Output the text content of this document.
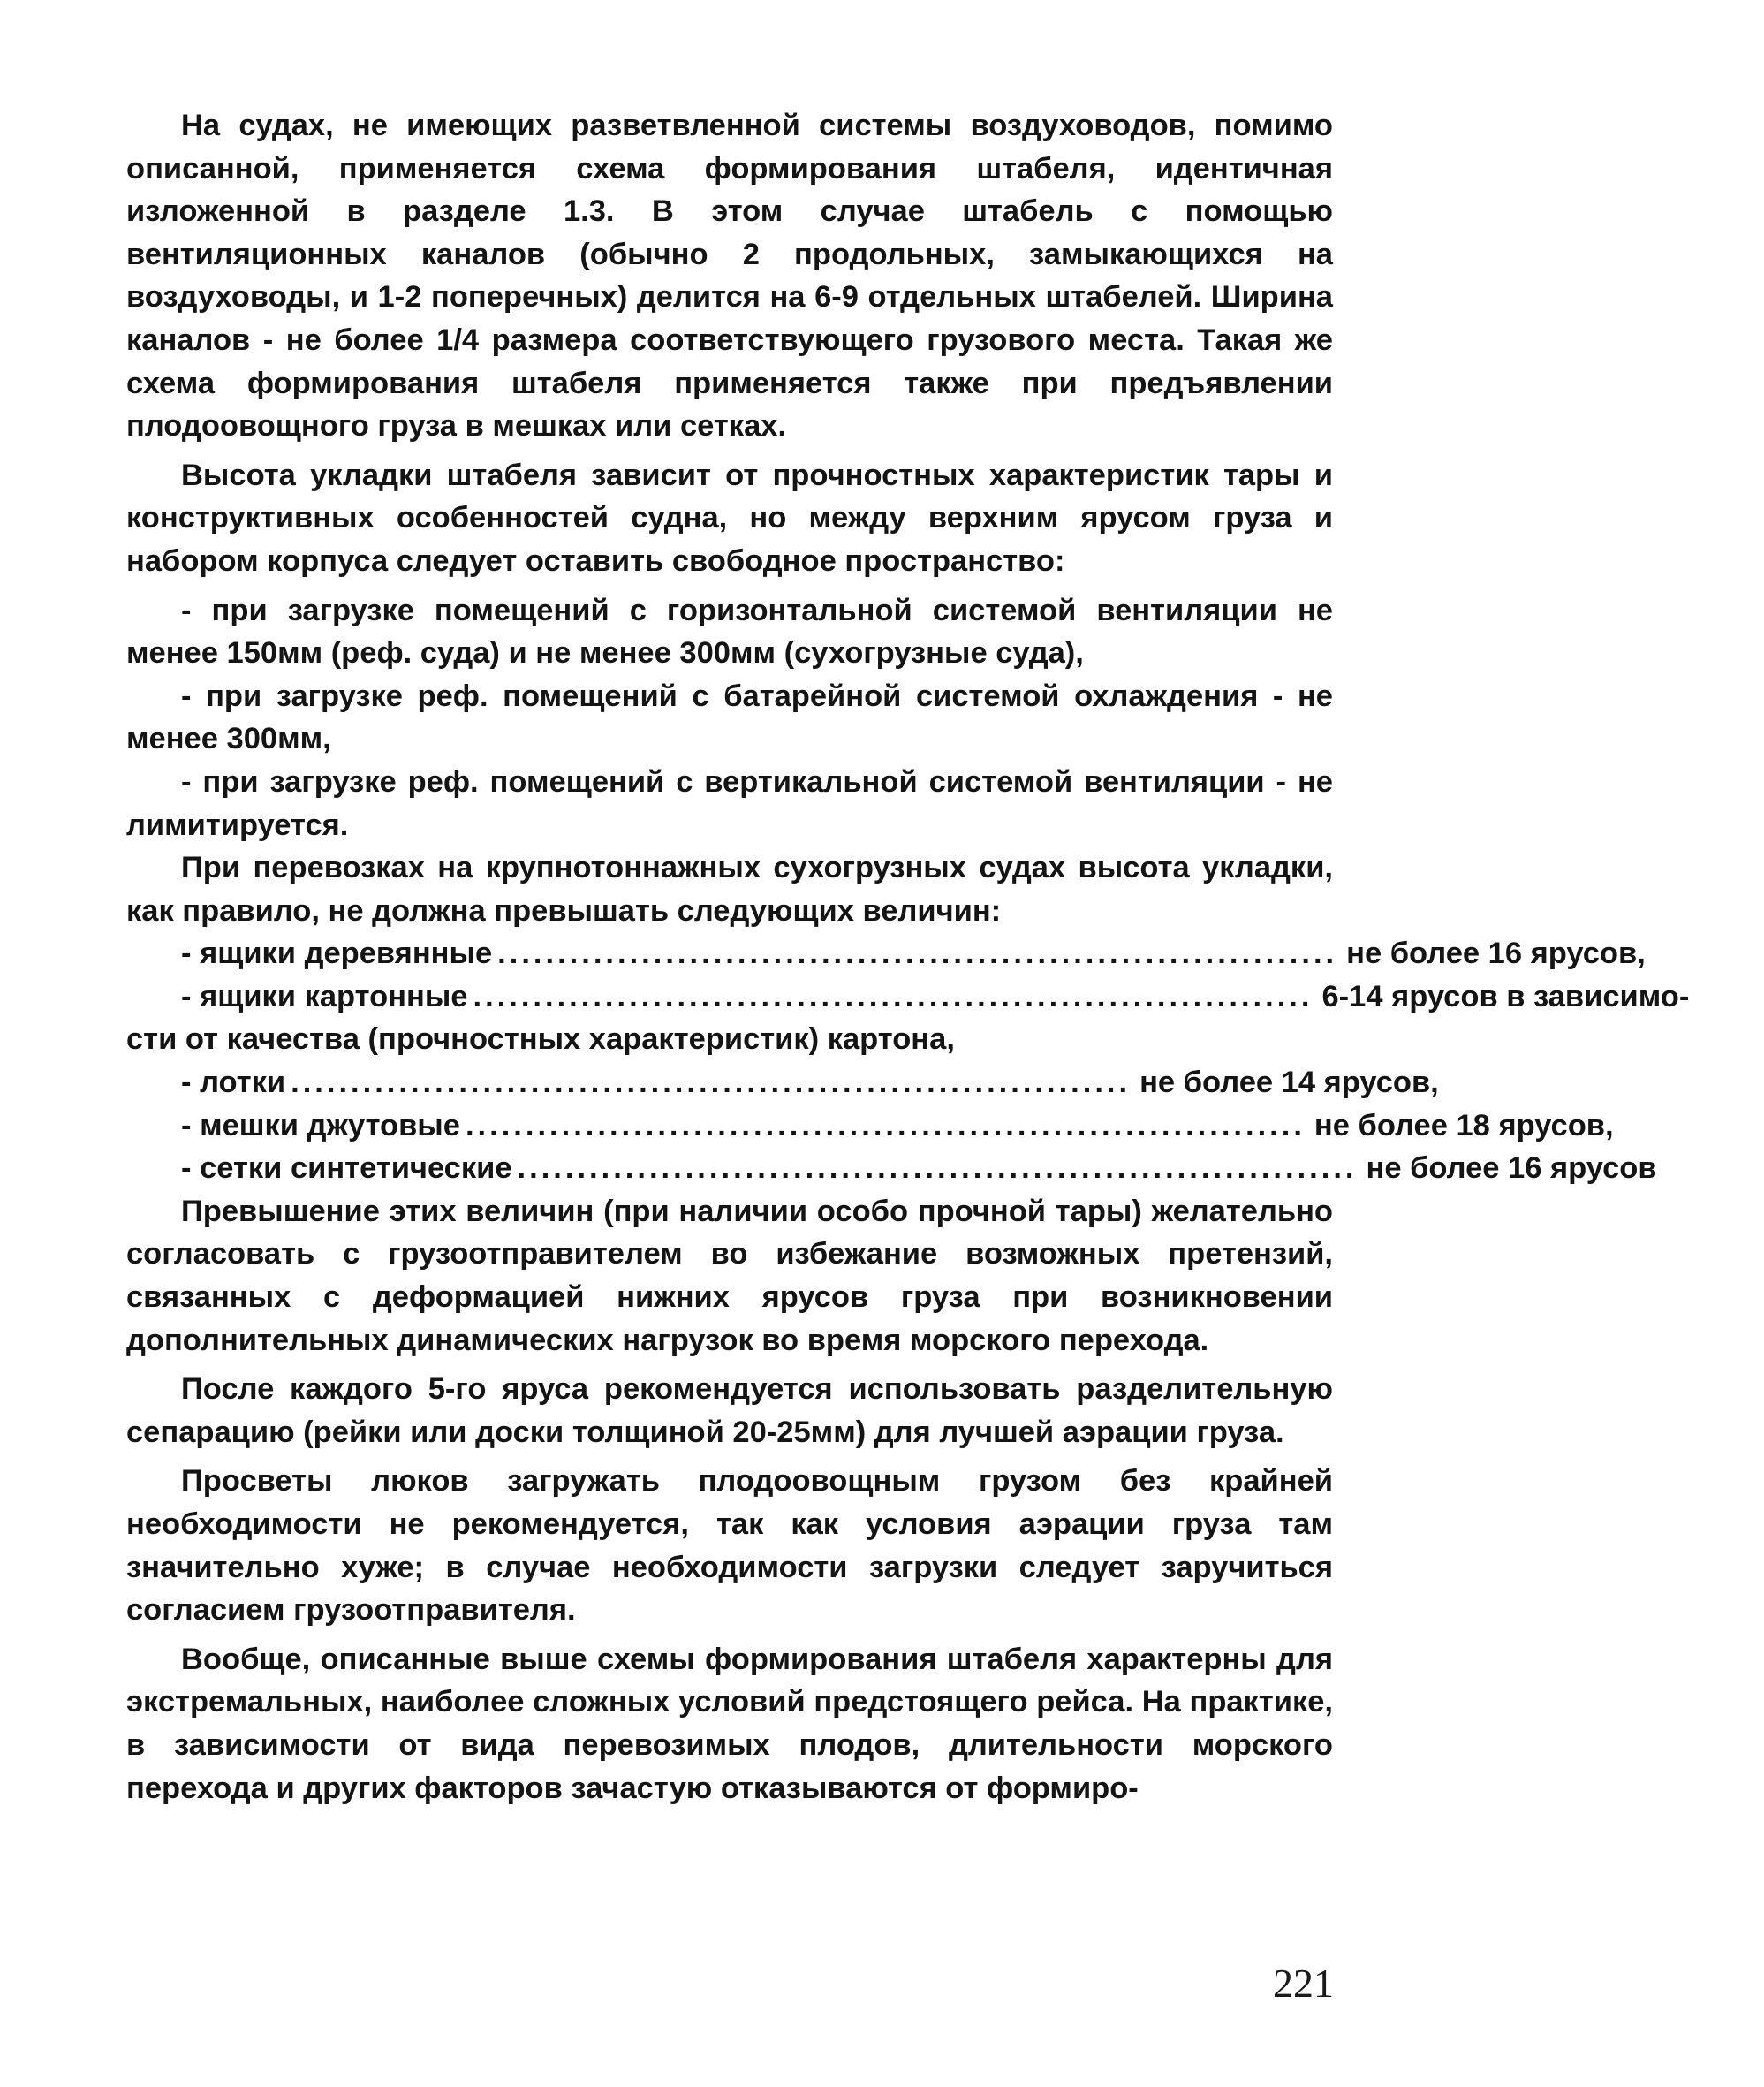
На судах, не имеющих разветвленной системы воздуховодов, помимо описанной, применяется схема формирования штабеля, идентичная изложенной в разделе 1.3. В этом случае штабель с помощью вентиляционных каналов (обычно 2 продольных, замыкающихся на воздуховоды, и 1-2 поперечных) делится на 6-9 отдельных штабелей. Ширина каналов - не более 1/4 размера соответствующего грузового места. Такая же схема формирования штабеля применяется также при предъявлении плодоовощного груза в мешках или сетках.

Высота укладки штабеля зависит от прочностных характеристик тары и конструктивных особенностей судна, но между верхним ярусом груза и набором корпуса следует оставить свободное пространство:

- при загрузке помещений с горизонтальной системой вентиляции не менее 150мм (реф. суда) и не менее 300мм (сухогрузные суда),

- при загрузке реф. помещений с батарейной системой охлаждения - не менее 300мм,

- при загрузке реф. помещений с вертикальной системой вентиляции - не лимитируется.

При перевозках на крупнотоннажных сухогрузных судах высота укладки, как правило, не должна превышать следующих величин:

- ящики деревянные ...................................................................... не более 16 ярусов,
- ящики картонные ...................................................................... 6-14 ярусов в зависимо-

сти от качества (прочностных характеристик) картона,

- лотки ...................................................................... не более 14 ярусов,
- мешки джутовые ...................................................................... не более 18 ярусов,
- сетки синтетические ...................................................................... не более 16 ярусов

Превышение этих величин (при наличии особо прочной тары) желательно согласовать с грузоотправителем во избежание возможных претензий, связанных с деформацией нижних ярусов груза при возникновении дополнительных динамических нагрузок во время морского перехода.

После каждого 5-го яруса рекомендуется использовать разделительную сепарацию (рейки или доски толщиной 20-25мм) для лучшей аэрации груза.

Просветы люков загружать плодоовощным грузом без крайней необходимости не рекомендуется, так как условия аэрации груза там значительно хуже; в случае необходимости загрузки следует заручиться согласием грузоотправителя.

Вообще, описанные выше схемы формирования штабеля характерны для экстремальных, наиболее сложных условий предстоящего рейса. На практике, в зависимости от вида перевозимых плодов, длительности морского перехода и других факторов зачастую отказываются от формиро-

221
